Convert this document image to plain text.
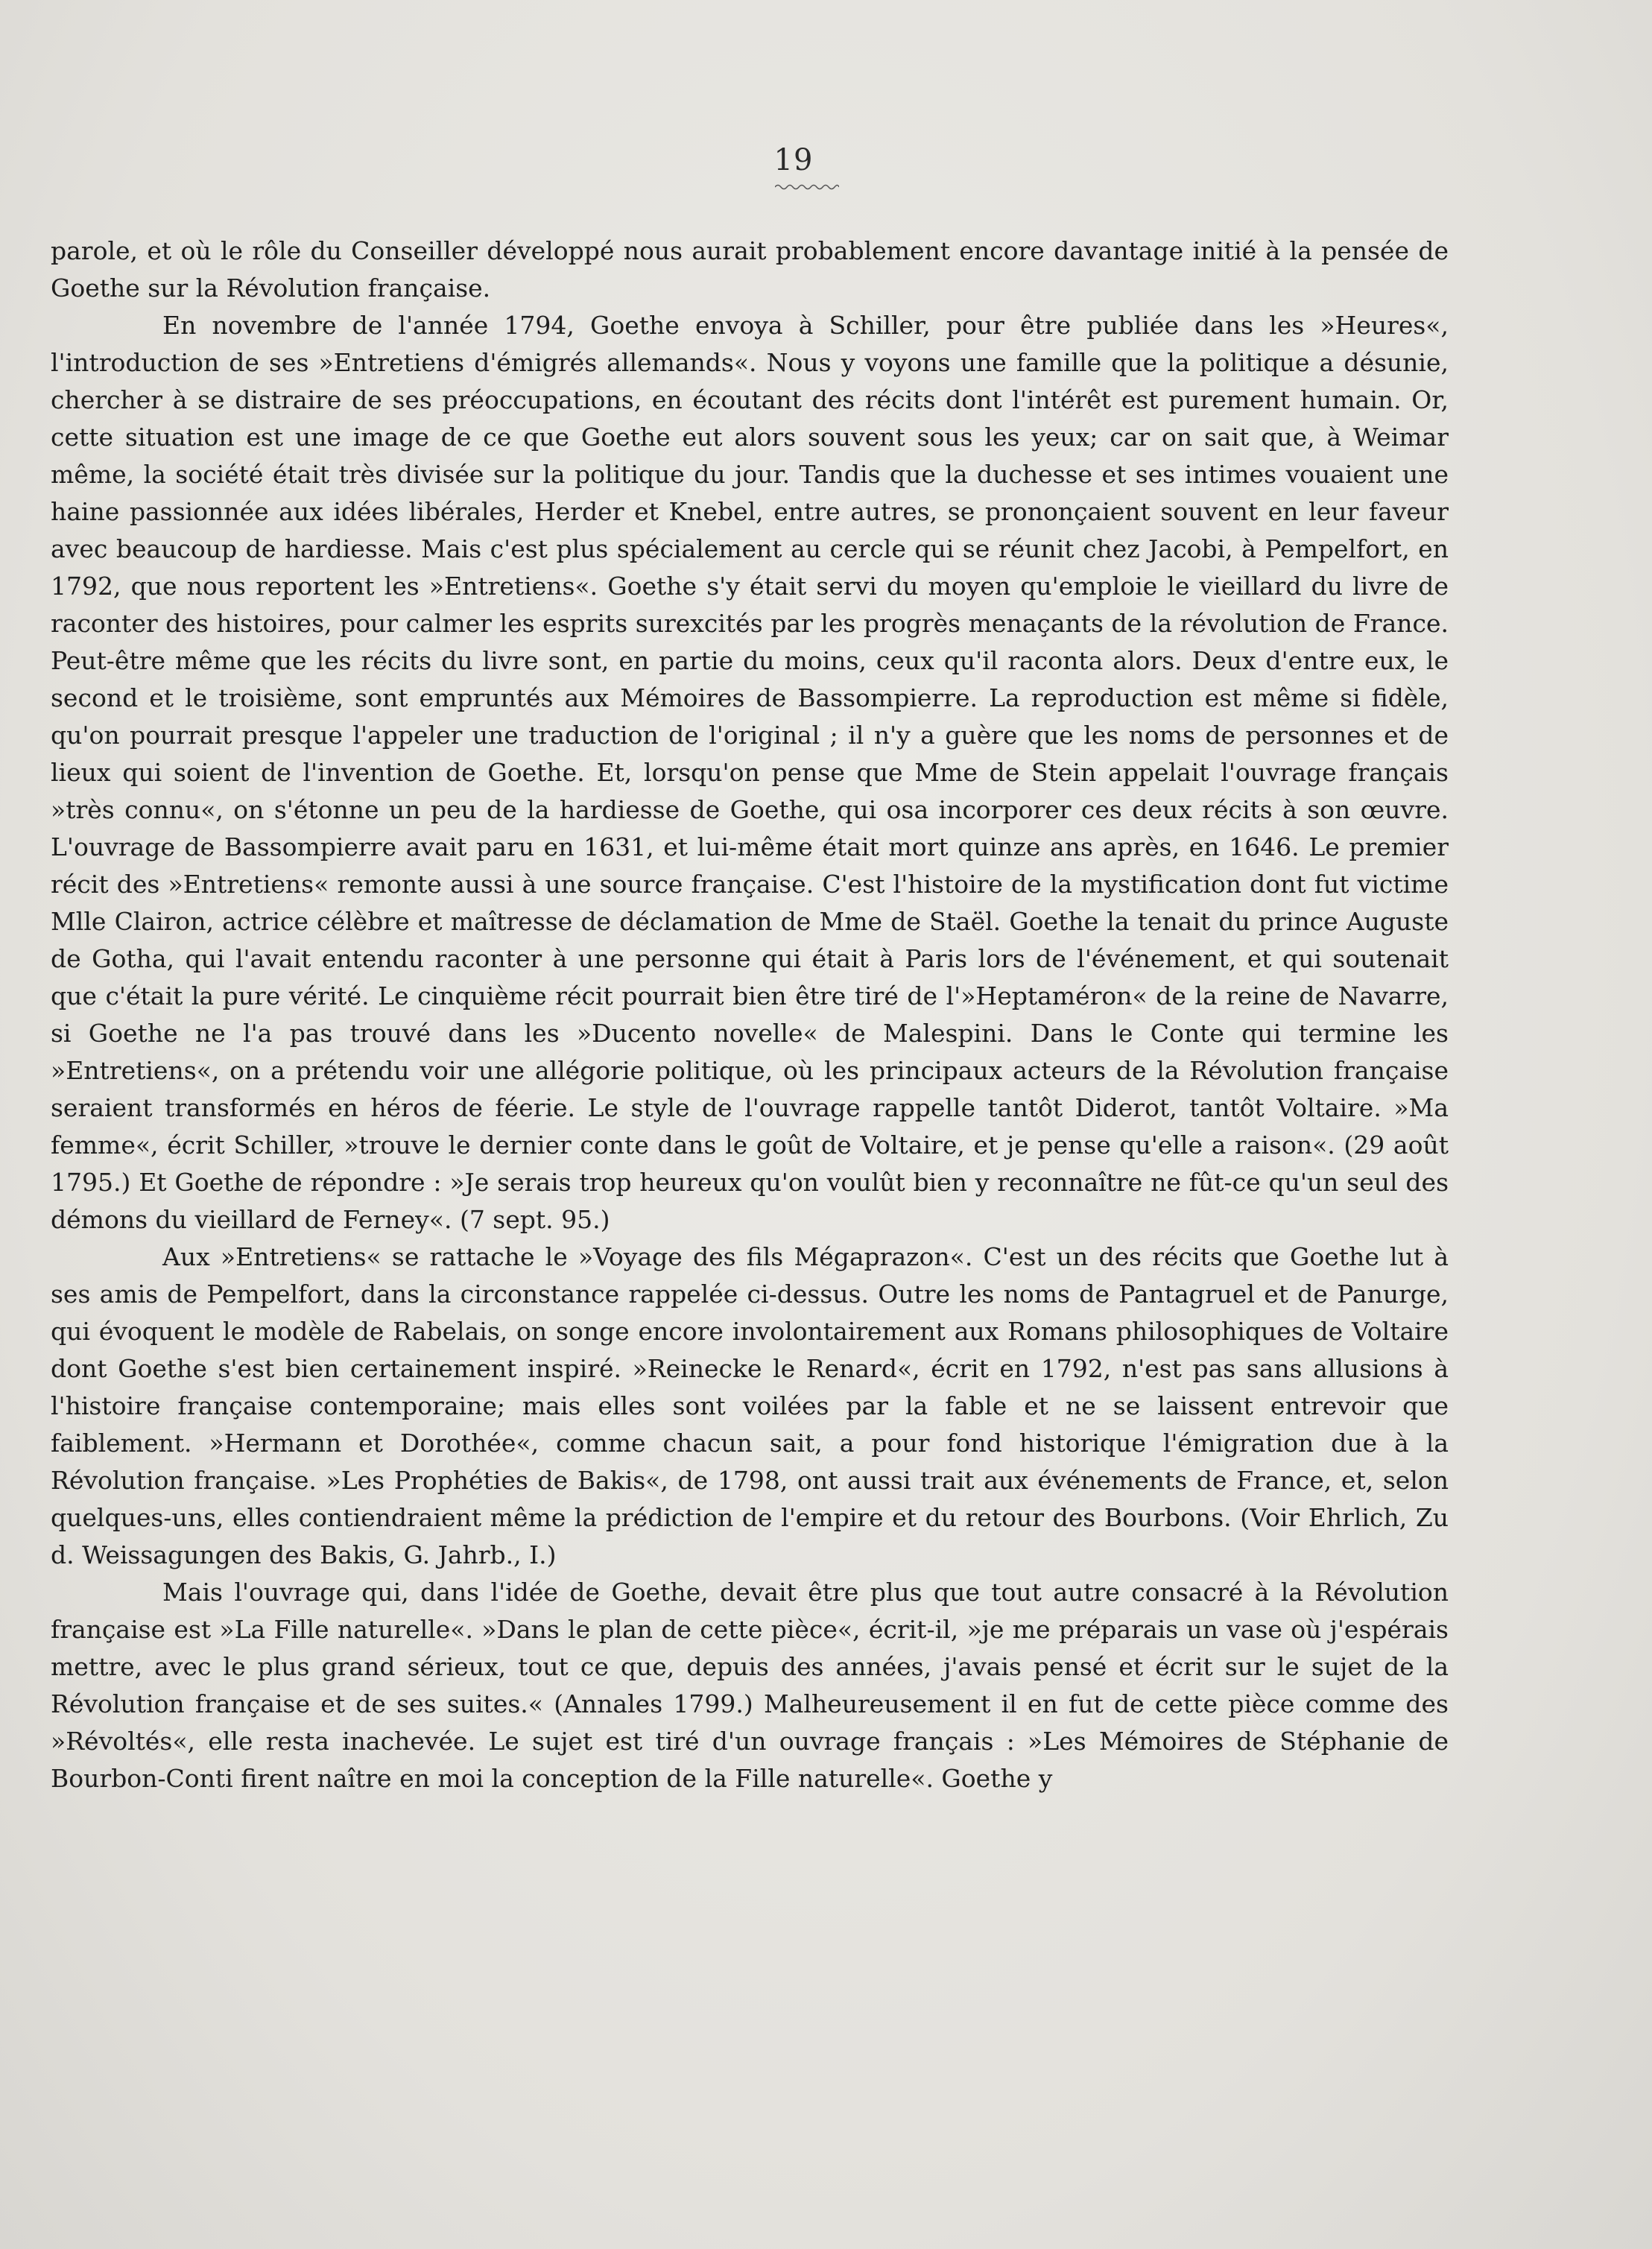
19

parole, et où le rôle du Conseiller développé nous aurait probablement encore davantage initié à la pensée de Goethe sur la Révolution française.

En novembre de l'année 1794, Goethe envoya à Schiller, pour être publiée dans les »Heures«, l'introduction de ses »Entretiens d'émigrés allemands«. Nous y voyons une famille que la politique a désunie, chercher à se distraire de ses préoccupations, en écoutant des récits dont l'intérêt est purement humain. Or, cette situation est une image de ce que Goethe eut alors souvent sous les yeux; car on sait que, à Weimar même, la société était très divisée sur la politique du jour. Tandis que la duchesse et ses intimes vouaient une haine passionnée aux idées libérales, Herder et Knebel, entre autres, se prononçaient souvent en leur faveur avec beaucoup de hardiesse. Mais c'est plus spécialement au cercle qui se réunit chez Jacobi, à Pempelfort, en 1792, que nous reportent les »Entretiens«. Goethe s'y était servi du moyen qu'emploie le vieillard du livre de raconter des histoires, pour calmer les esprits surexcités par les progrès menaçants de la révolution de France. Peut-être même que les récits du livre sont, en partie du moins, ceux qu'il raconta alors. Deux d'entre eux, le second et le troisième, sont empruntés aux Mémoires de Bassompierre. La reproduction est même si fidèle, qu'on pourrait presque l'appeler une traduction de l'original ; il n'y a guère que les noms de personnes et de lieux qui soient de l'invention de Goethe. Et, lorsqu'on pense que Mme de Stein appelait l'ouvrage français »très connu«, on s'étonne un peu de la hardiesse de Goethe, qui osa incorporer ces deux récits à son œuvre. L'ouvrage de Bassompierre avait paru en 1631, et lui-même était mort quinze ans après, en 1646. Le premier récit des »Entretiens« remonte aussi à une source française. C'est l'histoire de la mystification dont fut victime Mlle Clairon, actrice célèbre et maîtresse de déclamation de Mme de Staël. Goethe la tenait du prince Auguste de Gotha, qui l'avait entendu raconter à une personne qui était à Paris lors de l'événement, et qui soutenait que c'était la pure vérité. Le cinquième récit pourrait bien être tiré de l'»Heptaméron« de la reine de Navarre, si Goethe ne l'a pas trouvé dans les »Ducento novelle« de Malespini. Dans le Conte qui termine les »Entretiens«, on a prétendu voir une allégorie politique, où les principaux acteurs de la Révolution française seraient transformés en héros de féerie. Le style de l'ouvrage rappelle tantôt Diderot, tantôt Voltaire. »Ma femme«, écrit Schiller, »trouve le dernier conte dans le goût de Voltaire, et je pense qu'elle a raison«. (29 août 1795.) Et Goethe de répondre : »Je serais trop heureux qu'on voulût bien y reconnaître ne fût-ce qu'un seul des démons du vieillard de Ferney«. (7 sept. 95.)

Aux »Entretiens« se rattache le »Voyage des fils Mégaprazon«. C'est un des récits que Goethe lut à ses amis de Pempelfort, dans la circonstance rappelée ci-dessus. Outre les noms de Pantagruel et de Panurge, qui évoquent le modèle de Rabelais, on songe encore involontairement aux Romans philosophiques de Voltaire dont Goethe s'est bien certainement inspiré. »Reinecke le Renard«, écrit en 1792, n'est pas sans allusions à l'histoire française contemporaine; mais elles sont voilées par la fable et ne se laissent entrevoir que faiblement. »Hermann et Dorothée«, comme chacun sait, a pour fond historique l'émigration due à la Révolution française. »Les Prophéties de Bakis«, de 1798, ont aussi trait aux événements de France, et, selon quelques-uns, elles contiendraient même la prédiction de l'empire et du retour des Bourbons. (Voir Ehrlich, Zu d. Weissagungen des Bakis, G. Jahrb., I.)

Mais l'ouvrage qui, dans l'idée de Goethe, devait être plus que tout autre consacré à la Révolution française est »La Fille naturelle«. »Dans le plan de cette pièce«, écrit-il, »je me préparais un vase où j'espérais mettre, avec le plus grand sérieux, tout ce que, depuis des années, j'avais pensé et écrit sur le sujet de la Révolution française et de ses suites.« (Annales 1799.) Malheureusement il en fut de cette pièce comme des »Révoltés«, elle resta inachevée. Le sujet est tiré d'un ouvrage français : »Les Mémoires de Stéphanie de Bourbon-Conti firent naître en moi la conception de la Fille naturelle«. Goethe y
